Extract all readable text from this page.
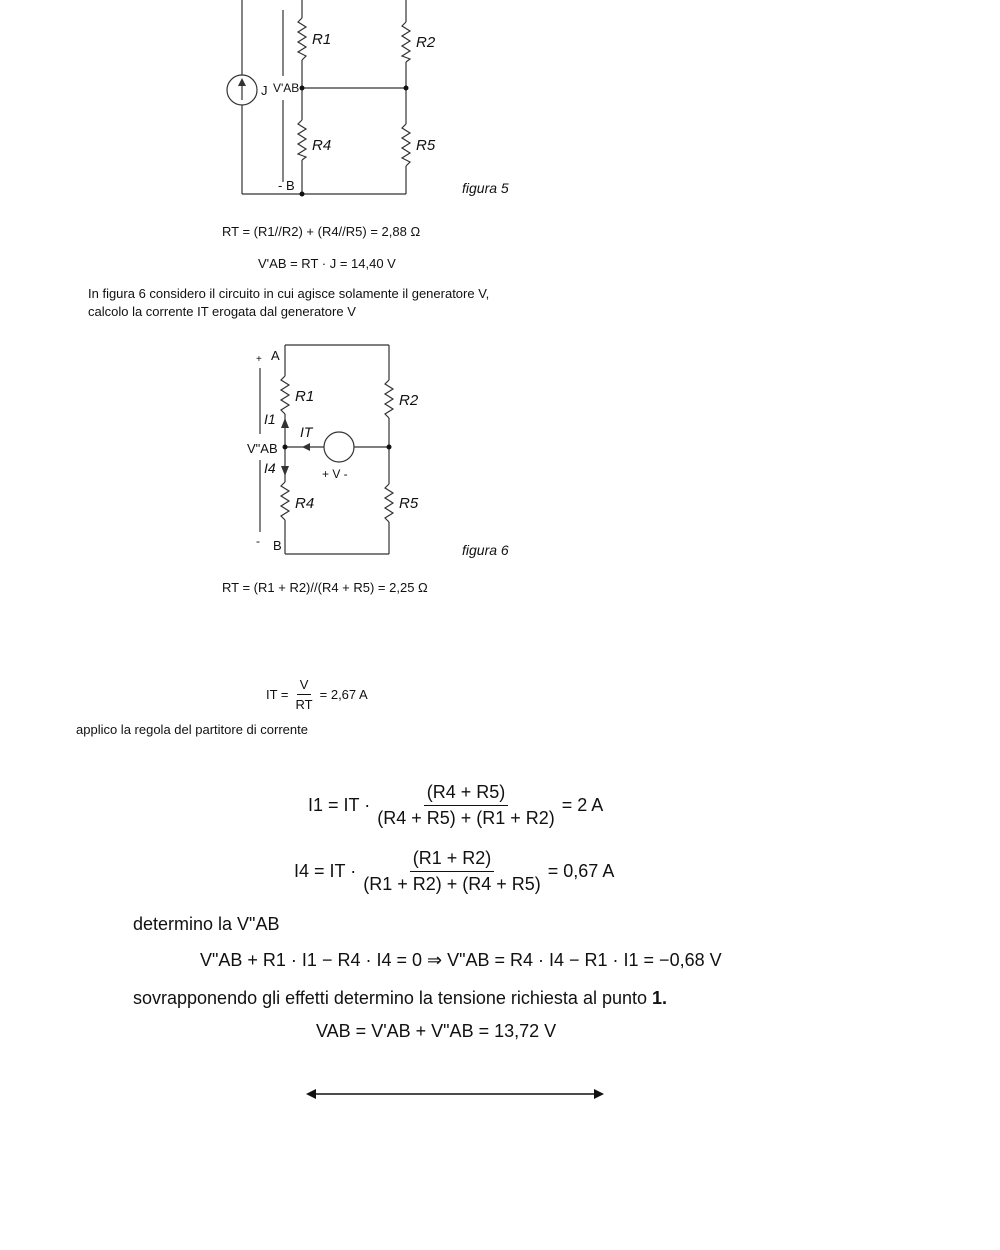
R1	R2
R4	R5
J V'AB
- B	figura 5
RT = (R1//R2) + (R4//R5) = 2,88 Ω
V'AB = RT · J = 14,40 V
In figura 6 considero il circuito in cui agisce solamente il generatore V,
calcolo la corrente IT erogata dal generatore V
A
+
R1	R2
R4	R5
I1
I4
IT
+ V -
V"AB
B
-
figura 6
RT = (R1 + R2)//(R4 + R5) = 2,25 Ω
IT = $\frac{V}{RT} = 2,67$ A
applico la regola del partitore di corrente
I1 = IT · $\frac{(R4 + R5)}{(R4 + R5) + (R1 + R2)} = 2$ A
I4 = IT · $\frac{(R1 + R2)}{(R1 + R2) + (R4 + R5)} = 0,67$ A
determino la V"AB
V"AB + R1 · I1 − R4 · I4 = 0 ⇒ V"AB = R4 · I4 − R1 · I1 = −0,68 V
sovrapponendo gli effetti determino la tensione richiesta al punto 1.
VAB = V'AB + V"AB = 13,72 V
